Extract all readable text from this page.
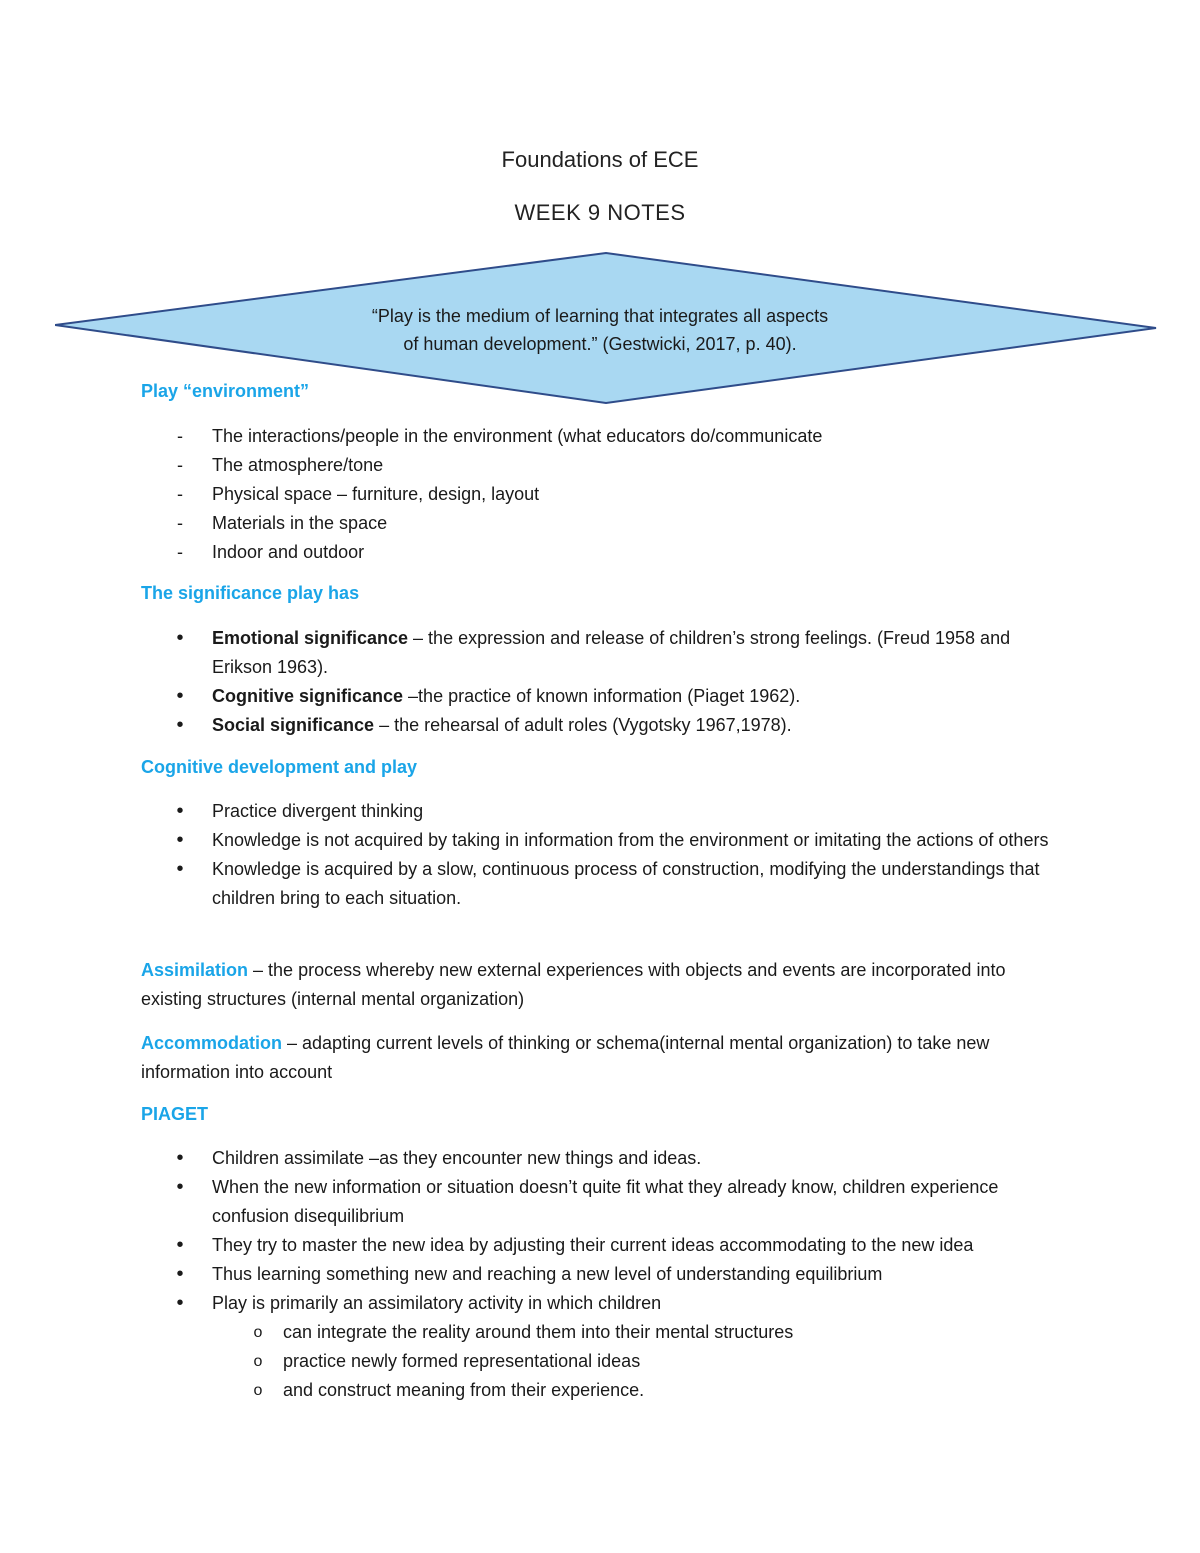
Foundations of ECE
WEEK 9 NOTES
“Play is the medium of learning that integrates all aspects
of human development.” (Gestwicki, 2017, p. 40).
Play “environment”
-	The interactions/people in the environment (what educators do/communicate
-	The atmosphere/tone
-	Physical space – furniture, design, layout
-	Materials in the space
-	Indoor and outdoor
The significance play has
•	Emotional significance – the expression and release of children’s strong feelings. (Freud 1958 and Erikson 1963).
•	Cognitive significance –the practice of known information (Piaget 1962).
•	Social significance – the rehearsal of adult roles (Vygotsky 1967,1978).
Cognitive development and play
•	Practice divergent thinking
•	Knowledge is not acquired by taking in information from the environment or imitating the actions of others
•	Knowledge is acquired by a slow, continuous process of construction, modifying the understandings that children bring to each situation.
Assimilation – the process whereby new external experiences with objects and events are incorporated into existing structures (internal mental organization)
Accommodation – adapting current levels of thinking or schema(internal mental organization) to take new information into account
PIAGET
•	Children assimilate –as they encounter new things and ideas.
•	When the new information or situation doesn’t quite fit what they already know, children experience confusion disequilibrium
•	They try to master the new idea by adjusting their current ideas accommodating to the new idea
•	Thus learning something new and reaching a new level of understanding equilibrium
•	Play is primarily an assimilatory activity in which children
o	can integrate the reality around them into their mental structures
o	practice newly formed representational ideas
o	and construct meaning from their experience.
